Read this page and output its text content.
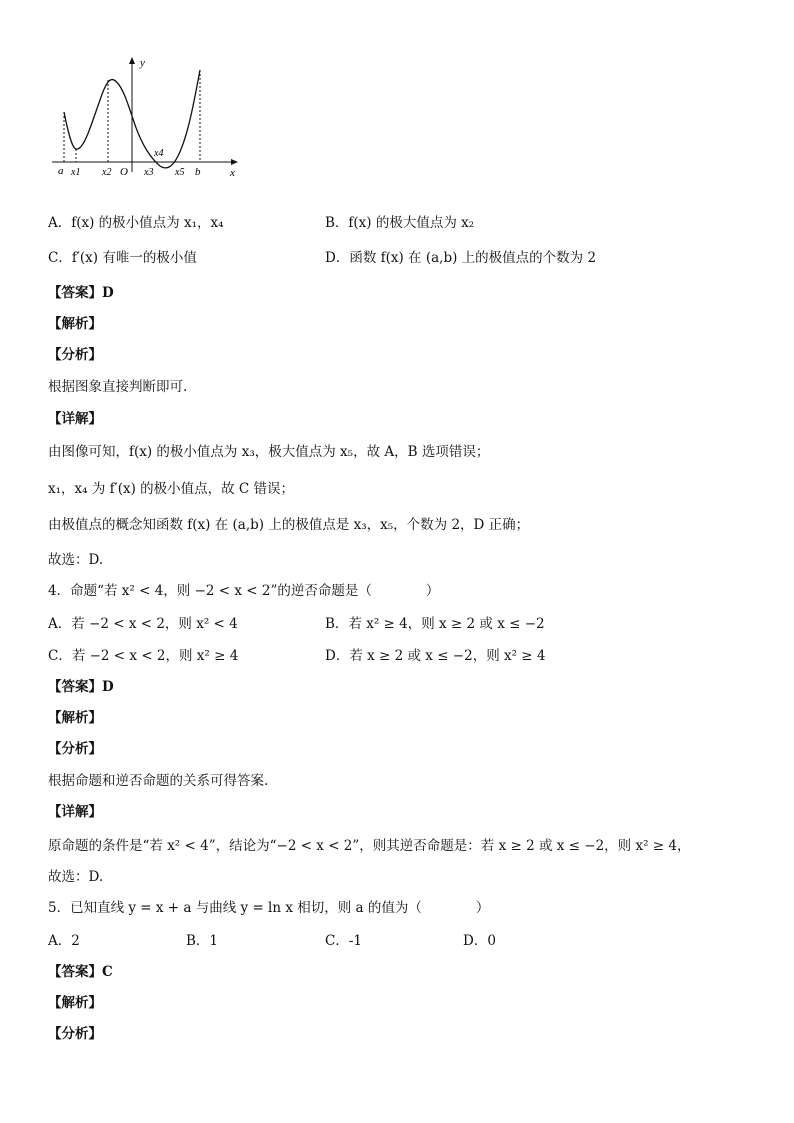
y
x
O
a x1 x2	x3
x4
x5 b
A．f(x) 的极小值点为 x₁，x₄	B．f(x) 的极大值点为 x₂
C．f′(x) 有唯一的极小值	D．函数 f(x) 在 (a,b) 上的极值点的个数为 2
【答案】D
【解析】
【分析】
根据图象直接判断即可.
【详解】
由图像可知，f(x) 的极小值点为 x₃，极大值点为 x₅，故 A，B 选项错误；
x₁，x₄ 为 f′(x) 的极小值点，故 C 错误；
由极值点的概念知函数 f(x) 在 (a,b) 上的极值点是 x₃，x₅，个数为 2，D 正确；
故选：D.
4．命题“若 x² < 4，则 −2 < x < 2”的逆否命题是（　　　　）
A．若 −2 < x < 2，则 x² < 4	B．若 x² ≥ 4，则 x ≥ 2 或 x ≤ −2
C．若 −2 < x < 2，则 x² ≥ 4	D．若 x ≥ 2 或 x ≤ −2，则 x² ≥ 4
【答案】D
【解析】
【分析】
根据命题和逆否命题的关系可得答案.
【详解】
原命题的条件是“若 x² < 4”，结论为“−2 < x < 2”，则其逆否命题是：若 x ≥ 2 或 x ≤ −2，则 x² ≥ 4，
故选：D.
5．已知直线 y = x + a 与曲线 y = ln x 相切，则 a 的值为（　　　　）
A．2	B．1	C．-1	D．0
【答案】C
【解析】
【分析】
